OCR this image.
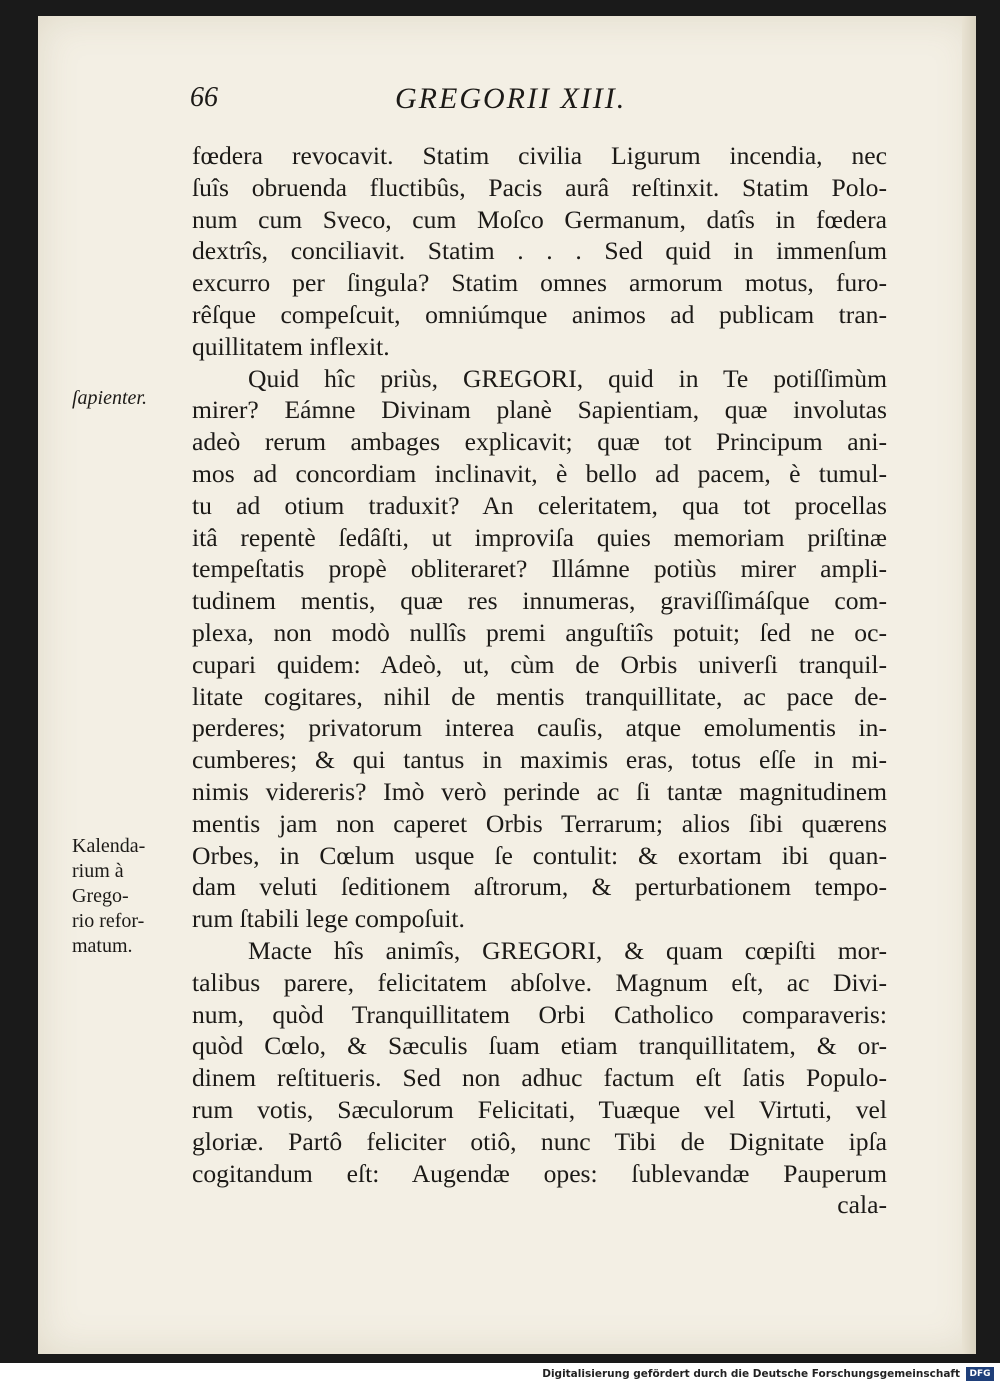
66	GREGORII XIII.
ſapienter.
Kalenda-
rium à
Grego-
rio refor-
matum.
fœdera revocavit. Statim civilia Ligurum incendia, nec
ſuîs obruenda fluctibûs, Pacis aurâ reſtinxit. Statim Polo-
num cum Sveco, cum Moſco Germanum, datîs in fœdera
dextrîs, conciliavit. Statim . . . Sed quid in immenſum
excurro per ſingula? Statim omnes armorum motus, furo-
rêſque compeſcuit, omniúmque animos ad publicam tran-
quillitatem inflexit.
Quid hîc priùs, GREGORI, quid in Te potiſſimùm
mirer? Eámne Divinam planè Sapientiam, quæ involutas
adeò rerum ambages explicavit; quæ tot Principum ani-
mos ad concordiam inclinavit, è bello ad pacem, è tumul-
tu ad otium traduxit? An celeritatem, qua tot procellas
itâ repentè ſedâſti, ut improviſa quies memoriam priſtinæ
tempeſtatis propè obliteraret? Illámne potiùs mirer ampli-
tudinem mentis, quæ res innumeras, graviſſimáſque com-
plexa, non modò nullîs premi anguſtiîs potuit; ſed ne oc-
cupari quidem: Adeò, ut, cùm de Orbis univerſi tranquil-
litate cogitares, nihil de mentis tranquillitate, ac pace de-
perderes; privatorum interea cauſis, atque emolumentis in-
cumberes; & qui tantus in maximis eras, totus eſſe in mi-
nimis videreris? Imò verò perinde ac ſi tantæ magnitudinem
mentis jam non caperet Orbis Terrarum; alios ſibi quærens
Orbes, in Cœlum usque ſe contulit: & exortam ibi quan-
dam veluti ſeditionem aſtrorum, & perturbationem tempo-
rum ſtabili lege compoſuit.
Macte hîs animîs, GREGORI, & quam cœpiſti mor-
talibus parere, felicitatem abſolve. Magnum eſt, ac Divi-
num, quòd Tranquillitatem Orbi Catholico comparaveris:
quòd Cœlo, & Sæculis ſuam etiam tranquillitatem, & or-
dinem reſtitueris. Sed non adhuc factum eſt ſatis Populo-
rum votis, Sæculorum Felicitati, Tuæque vel Virtuti, vel
gloriæ. Partô feliciter otiô, nunc Tibi de Dignitate ipſa
cogitandum eſt: Augendæ opes: ſublevandæ Pauperum
cala-
Digitalisierung gefördert durch die Deutsche Forschungsgemeinschaft	DFG
